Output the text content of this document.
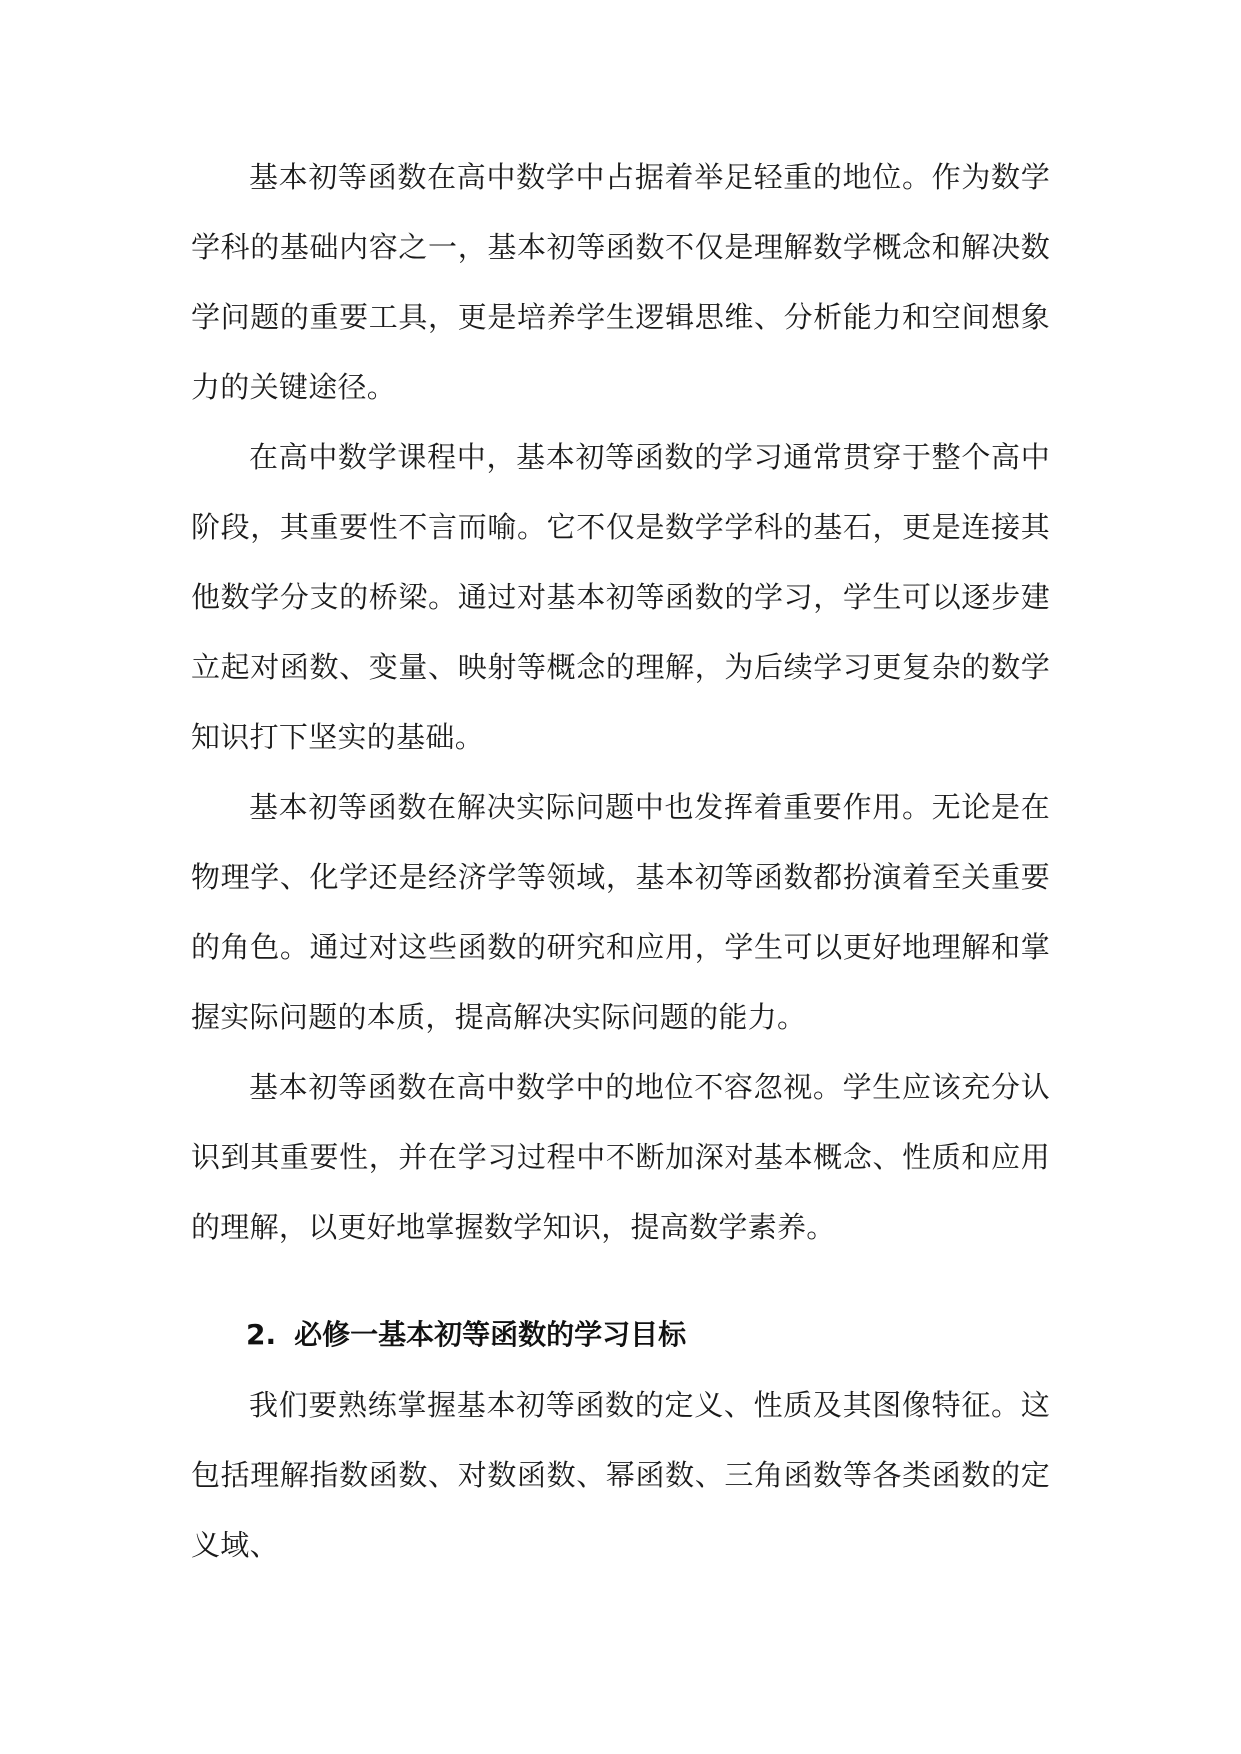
基本初等函数在高中数学中占据着举足轻重的地位。作为数学学科的基础内容之一，基本初等函数不仅是理解数学概念和解决数学问题的重要工具，更是培养学生逻辑思维、分析能力和空间想象力的关键途径。

在高中数学课程中，基本初等函数的学习通常贯穿于整个高中阶段，其重要性不言而喻。它不仅是数学学科的基石，更是连接其他数学分支的桥梁。通过对基本初等函数的学习，学生可以逐步建立起对函数、变量、映射等概念的理解，为后续学习更复杂的数学知识打下坚实的基础。

基本初等函数在解决实际问题中也发挥着重要作用。无论是在物理学、化学还是经济学等领域，基本初等函数都扮演着至关重要的角色。通过对这些函数的研究和应用，学生可以更好地理解和掌握实际问题的本质，提高解决实际问题的能力。

基本初等函数在高中数学中的地位不容忽视。学生应该充分认识到其重要性，并在学习过程中不断加深对基本概念、性质和应用的理解，以更好地掌握数学知识，提高数学素养。

2. 必修一基本初等函数的学习目标

我们要熟练掌握基本初等函数的定义、性质及其图像特征。这包括理解指数函数、对数函数、幂函数、三角函数等各类函数的定义域、
